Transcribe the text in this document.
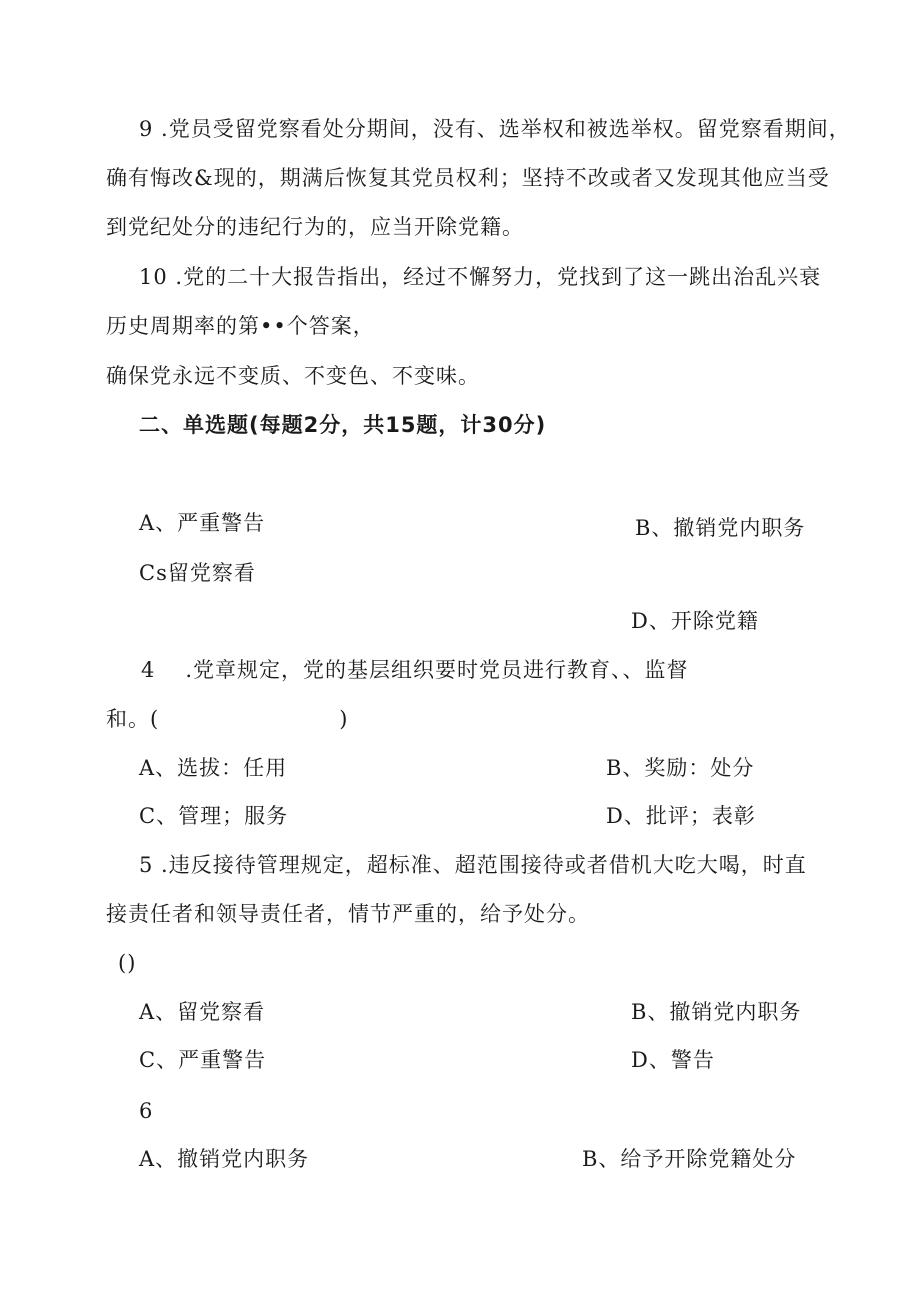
9 .党员受留党察看处分期间，没有、选举权和被选举权。留党察看期间，
确有悔改&现的，期满后恢复其党员权利；坚持不改或者又发现其他应当受
到党纪处分的违纪行为的，应当开除党籍。
10 .党的二十大报告指出，经过不懈努力，党找到了这一跳出治乱兴衰
历史周期率的第••个答案，
确保党永远不变质、不变色、不变味。
二、单选题(每题2分，共15题，计30分)
A、严重警告	B、撤销党内职务
Cs留党察看
D、开除党籍
4 .党章规定，党的基层组织要时党员进行教育、、监督
和。(	)
A、选拔：任用	B、奖励：处分
C、管理；服务	D、批评；表彰
5 .违反接待管理规定，超标准、超范围接待或者借机大吃大喝，时直
接责任者和领导责任者，情节严重的，给予处分。
()
A、留党察看	B、撤销党内职务
C、严重警告	D、警告
6
A、撤销党内职务	B、给予开除党籍处分
